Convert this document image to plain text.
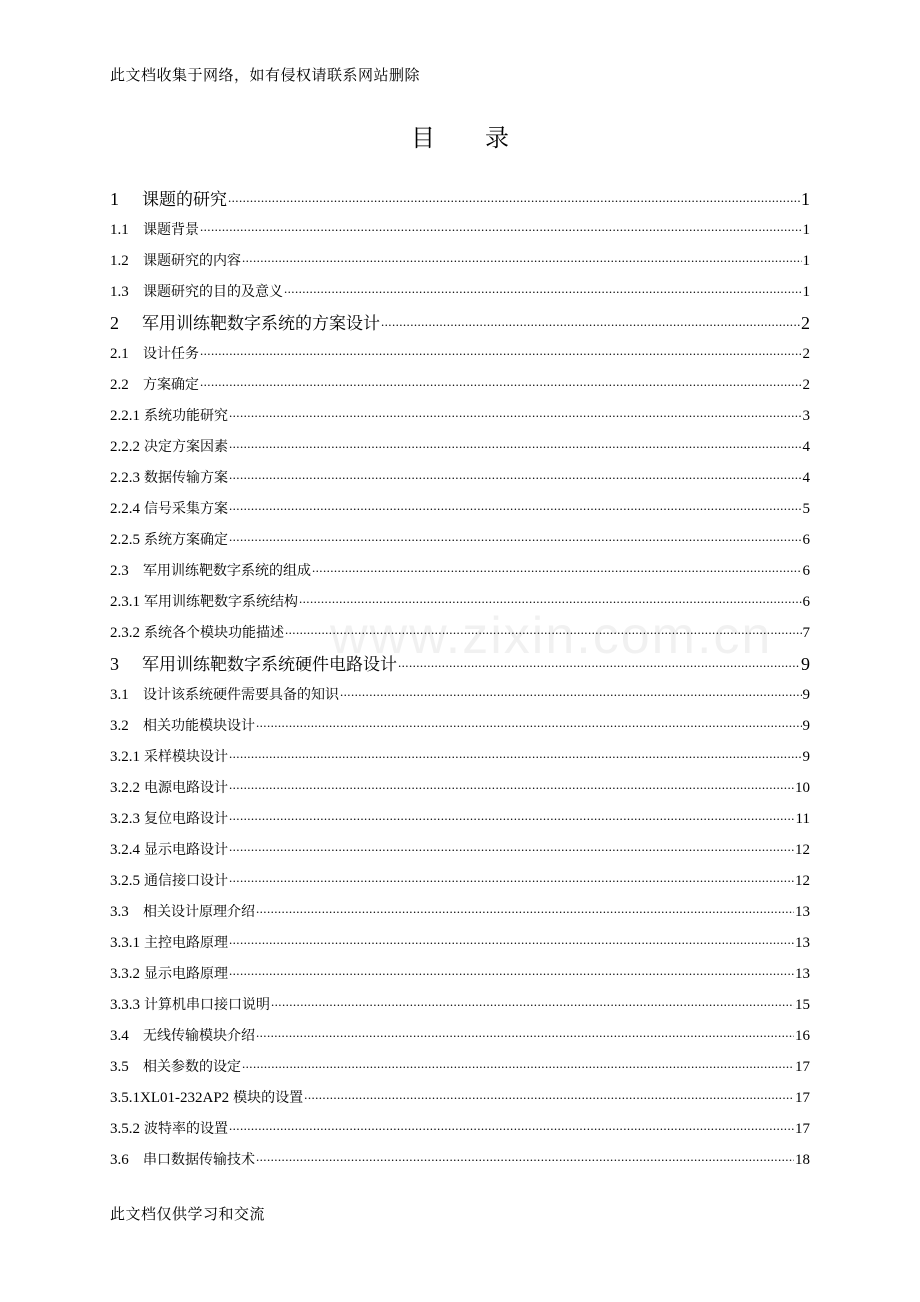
此文档收集于网络，如有侵权请联系网站删除
目 录
www.zixin.com.cn
1	课题的研究 .....	1
1.1	课题背景 .....	1
1.2	课题研究的内容 .....	1
1.3	课题研究的目的及意义 .....	1
2	军用训练靶数字系统的方案设计 .....	2
2.1	设计任务 .....	2
2.2	方案确定 .....	2
2.2.1 系统功能研究 .....	3
2.2.2 决定方案因素 .....	4
2.2.3 数据传输方案 .....	4
2.2.4 信号采集方案 .....	5
2.2.5 系统方案确定 .....	6
2.3	军用训练靶数字系统的组成 .....	6
2.3.1 军用训练靶数字系统结构 .....	6
2.3.2 系统各个模块功能描述 .....	7
3	军用训练靶数字系统硬件电路设计 .....	9
3.1	设计该系统硬件需要具备的知识 .....	9
3.2	相关功能模块设计 .....	9
3.2.1 采样模块设计 .....	9
3.2.2 电源电路设计 .....	10
3.2.3 复位电路设计 .....	11
3.2.4 显示电路设计 .....	12
3.2.5 通信接口设计 .....	12
3.3	相关设计原理介绍 .....	13
3.3.1 主控电路原理 .....	13
3.3.2 显示电路原理 .....	13
3.3.3 计算机串口接口说明 .....	15
3.4	无线传输模块介绍 .....	16
3.5	相关参数的设定 .....	17
3.5.1XL01-232AP2 模块的设置 .....	17
3.5.2 波特率的设置 .....	17
3.6	串口数据传输技术 .....	18
此文档仅供学习和交流
